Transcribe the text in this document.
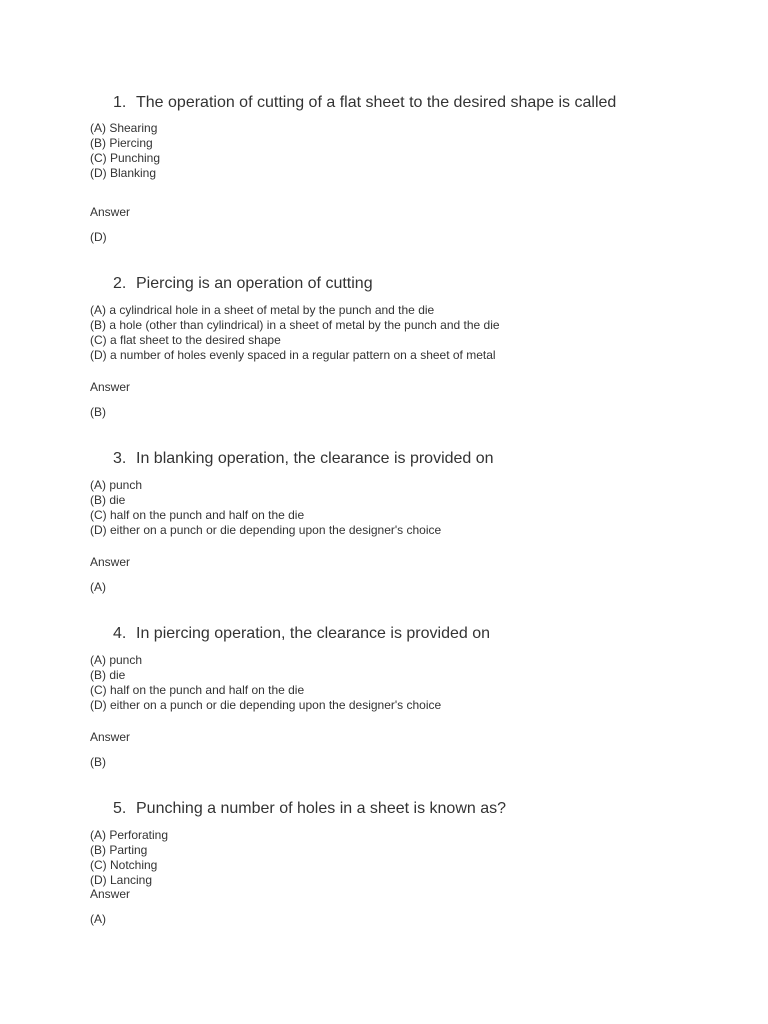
1. The operation of cutting of a flat sheet to the desired shape is called
(A) Shearing
(B) Piercing
(C) Punching
(D) Blanking
Answer
(D)
2. Piercing is an operation of cutting
(A) a cylindrical hole in a sheet of metal by the punch and the die
(B) a hole (other than cylindrical) in a sheet of metal by the punch and the die
(C) a flat sheet to the desired shape
(D) a number of holes evenly spaced in a regular pattern on a sheet of metal
Answer
(B)
3. In blanking operation, the clearance is provided on
(A) punch
(B) die
(C) half on the punch and half on the die
(D) either on a punch or die depending upon the designer's choice
Answer
(A)
4. In piercing operation, the clearance is provided on
(A) punch
(B) die
(C) half on the punch and half on the die
(D) either on a punch or die depending upon the designer's choice
Answer
(B)
5. Punching a number of holes in a sheet is known as?
(A) Perforating
(B) Parting
(C) Notching
(D) Lancing
Answer
(A)
